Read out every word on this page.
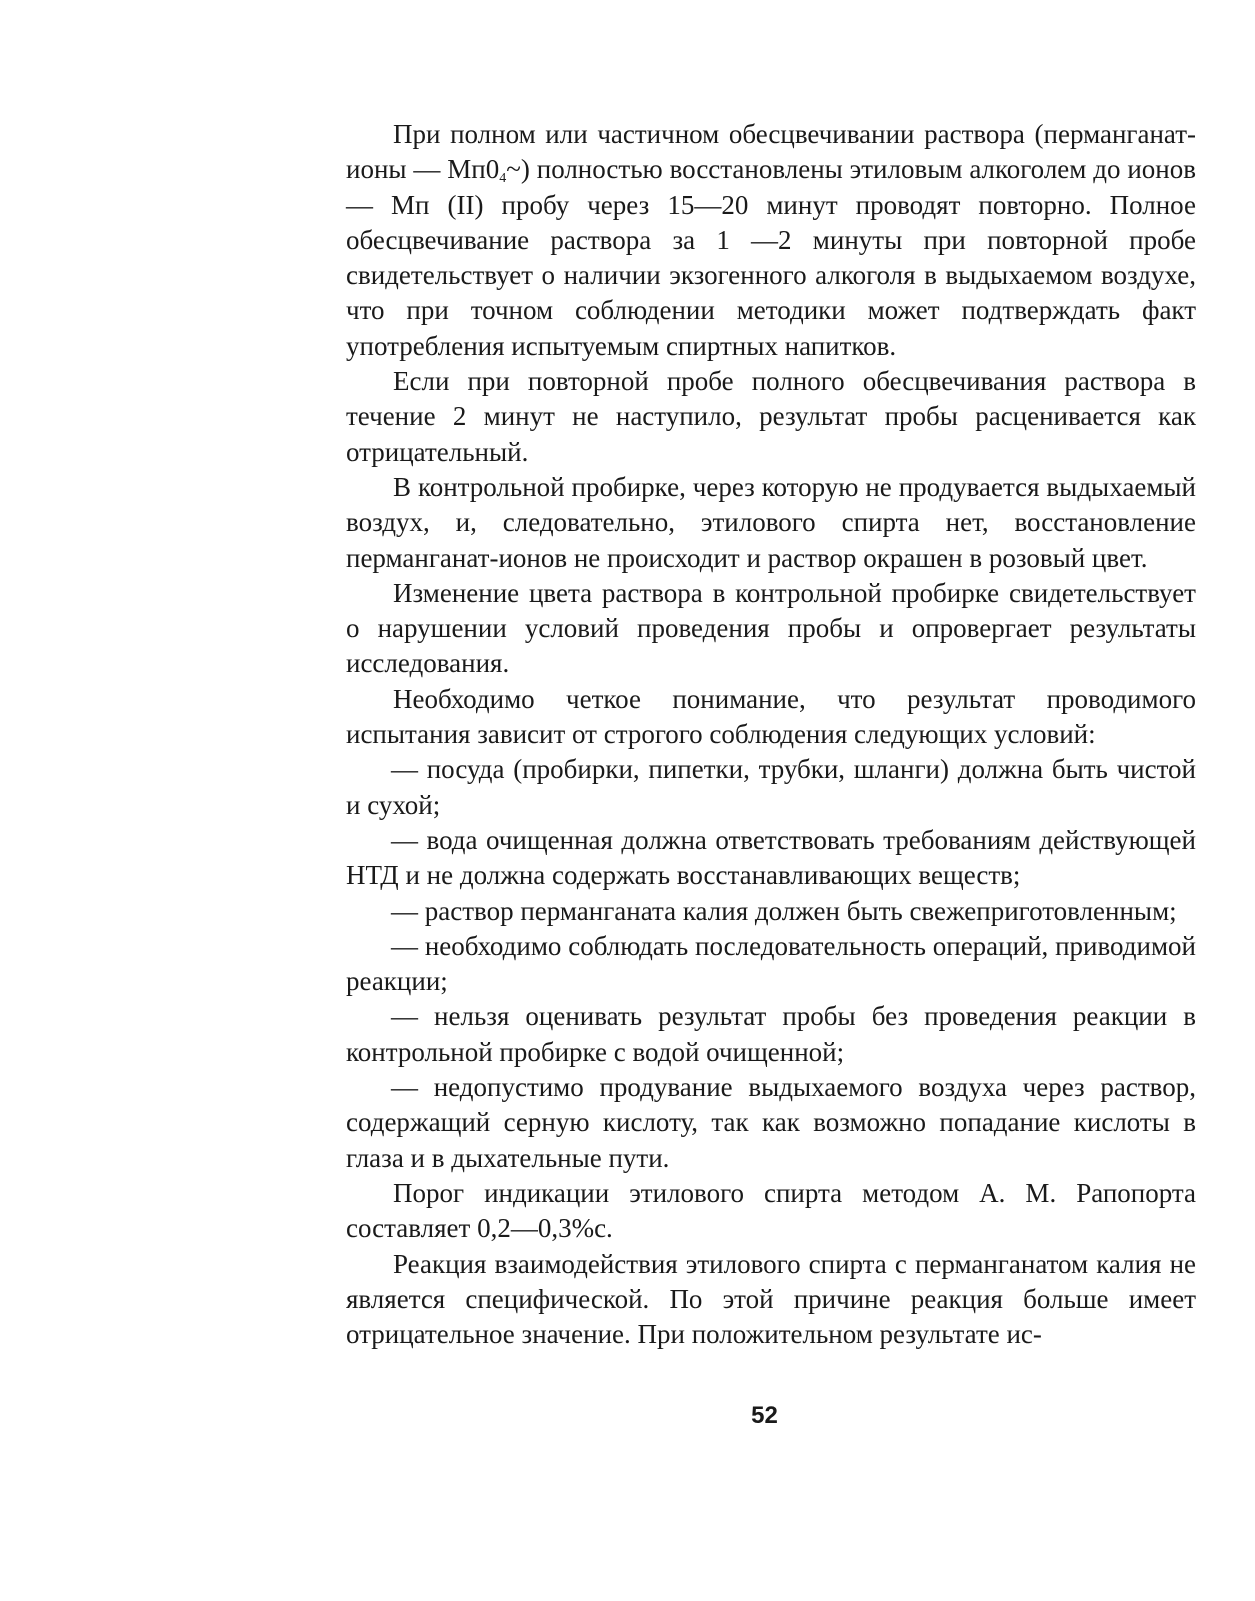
При полном или частичном обесцвечивании раствора (перманганат-ионы — $Мп0_4\sim$) полностью восстановлены этиловым алкоголем до ионов — Мп (II) пробу через 15—20 минут проводят повторно. Полное обесцвечивание раствора за 1 —2 минуты при повторной пробе свидетельствует о наличии экзогенного алкоголя в выдыхаемом воздухе, что при точном соблюдении методики может подтверждать факт употребления испытуемым спиртных напитков.

Если при повторной пробе полного обесцвечивания раствора в течение 2 минут не наступило, результат пробы расценивается как отрицательный.

В контрольной пробирке, через которую не продувается выдыхаемый воздух, и, следовательно, этилового спирта нет, восстановление перманганат-ионов не происходит и раствор окрашен в розовый цвет.

Изменение цвета раствора в контрольной пробирке свидетельствует о нарушении условий проведения пробы и опровергает результаты исследования.

Необходимо четкое понимание, что результат проводимого испытания зависит от строгого соблюдения следующих условий:

— посуда (пробирки, пипетки, трубки, шланги) должна быть чистой и сухой;

— вода очищенная должна ответствовать требованиям действующей НТД и не должна содержать восстанавливающих веществ;

— раствор перманганата калия должен быть свежеприготовленным;

— необходимо соблюдать последовательность операций, приводимой реакции;

— нельзя оценивать результат пробы без проведения реакции в контрольной пробирке с водой очищенной;

— недопустимо продувание выдыхаемого воздуха через раствор, содержащий серную кислоту, так как возможно попадание кислоты в глаза и в дыхательные пути.

Порог индикации этилового спирта методом А. М. Рапопорта составляет 0,2—0,3%с.

Реакция взаимодействия этилового спирта с перманганатом калия не является специфической. По этой причине реакция больше имеет отрицательное значение. При положительном результате ис-

52
